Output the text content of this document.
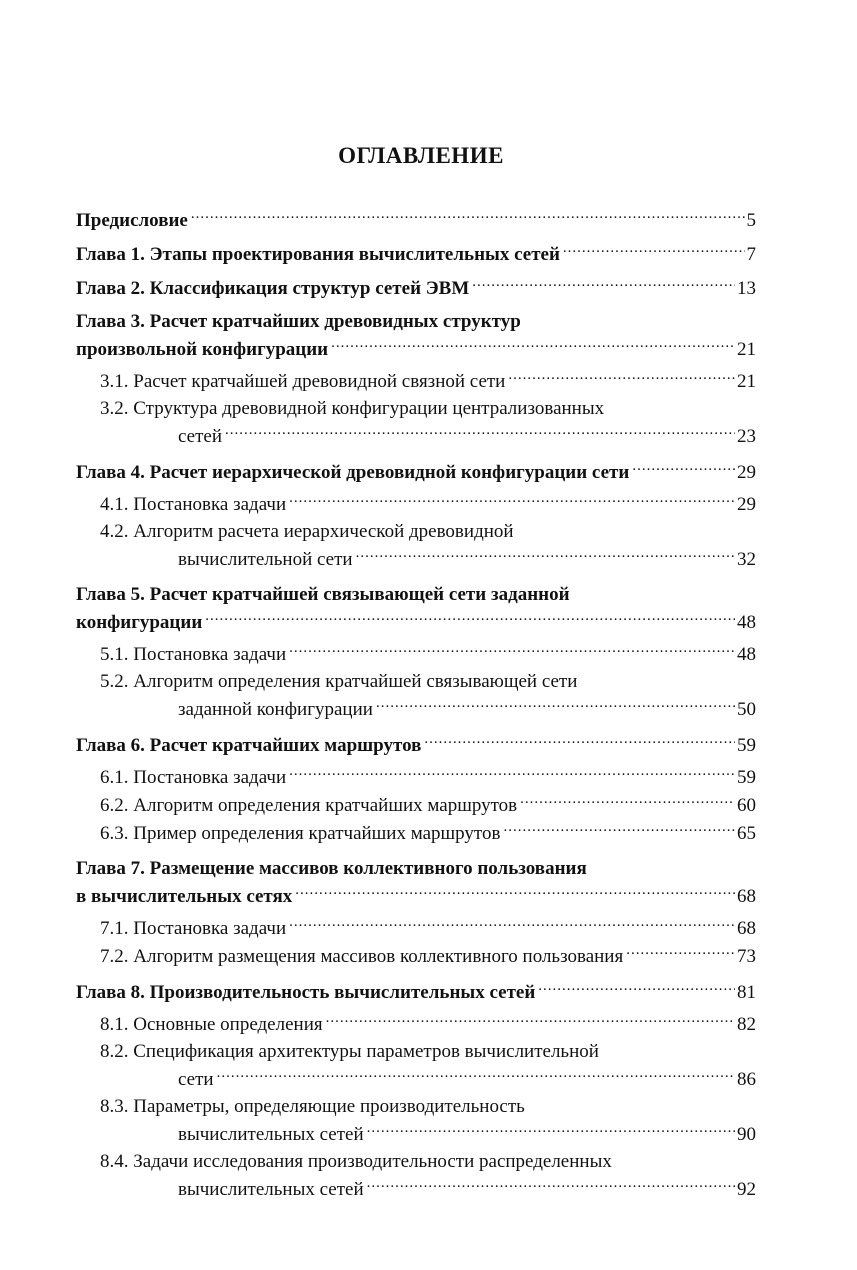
ОГЛАВЛЕНИЕ
Предисловие .....	5
Глава 1. Этапы проектирования вычислительных сетей .....	7
Глава 2. Классификация структур сетей ЭВМ .....	13
Глава 3. Расчет кратчайших древовидных структур
произвольной конфигурации .....	21
3.1. Расчет кратчайшей древовидной связной сети .....	21
3.2. Структура древовидной конфигурации централизованных
сетей .....	23
Глава 4. Расчет иерархической древовидной конфигурации сети .....	29
4.1. Постановка задачи .....	29
4.2. Алгоритм расчета иерархической древовидной
вычислительной сети .....	32
Глава 5. Расчет кратчайшей связывающей сети заданной
конфигурации .....	48
5.1. Постановка задачи .....	48
5.2. Алгоритм определения кратчайшей связывающей сети
заданной конфигурации .....	50
Глава 6. Расчет кратчайших маршрутов .....	59
6.1. Постановка задачи .....	59
6.2. Алгоритм определения кратчайших маршрутов .....	60
6.3. Пример определения кратчайших маршрутов .....	65
Глава 7. Размещение массивов коллективного пользования
в вычислительных сетях .....	68
7.1. Постановка задачи .....	68
7.2. Алгоритм размещения массивов коллективного пользования .....	73
Глава 8. Производительность вычислительных сетей .....	81
8.1. Основные определения .....	82
8.2. Спецификация архитектуры параметров вычислительной
сети .....	86
8.3. Параметры, определяющие производительность
вычислительных сетей .....	90
8.4. Задачи исследования производительности распределенных
вычислительных сетей .....	92
